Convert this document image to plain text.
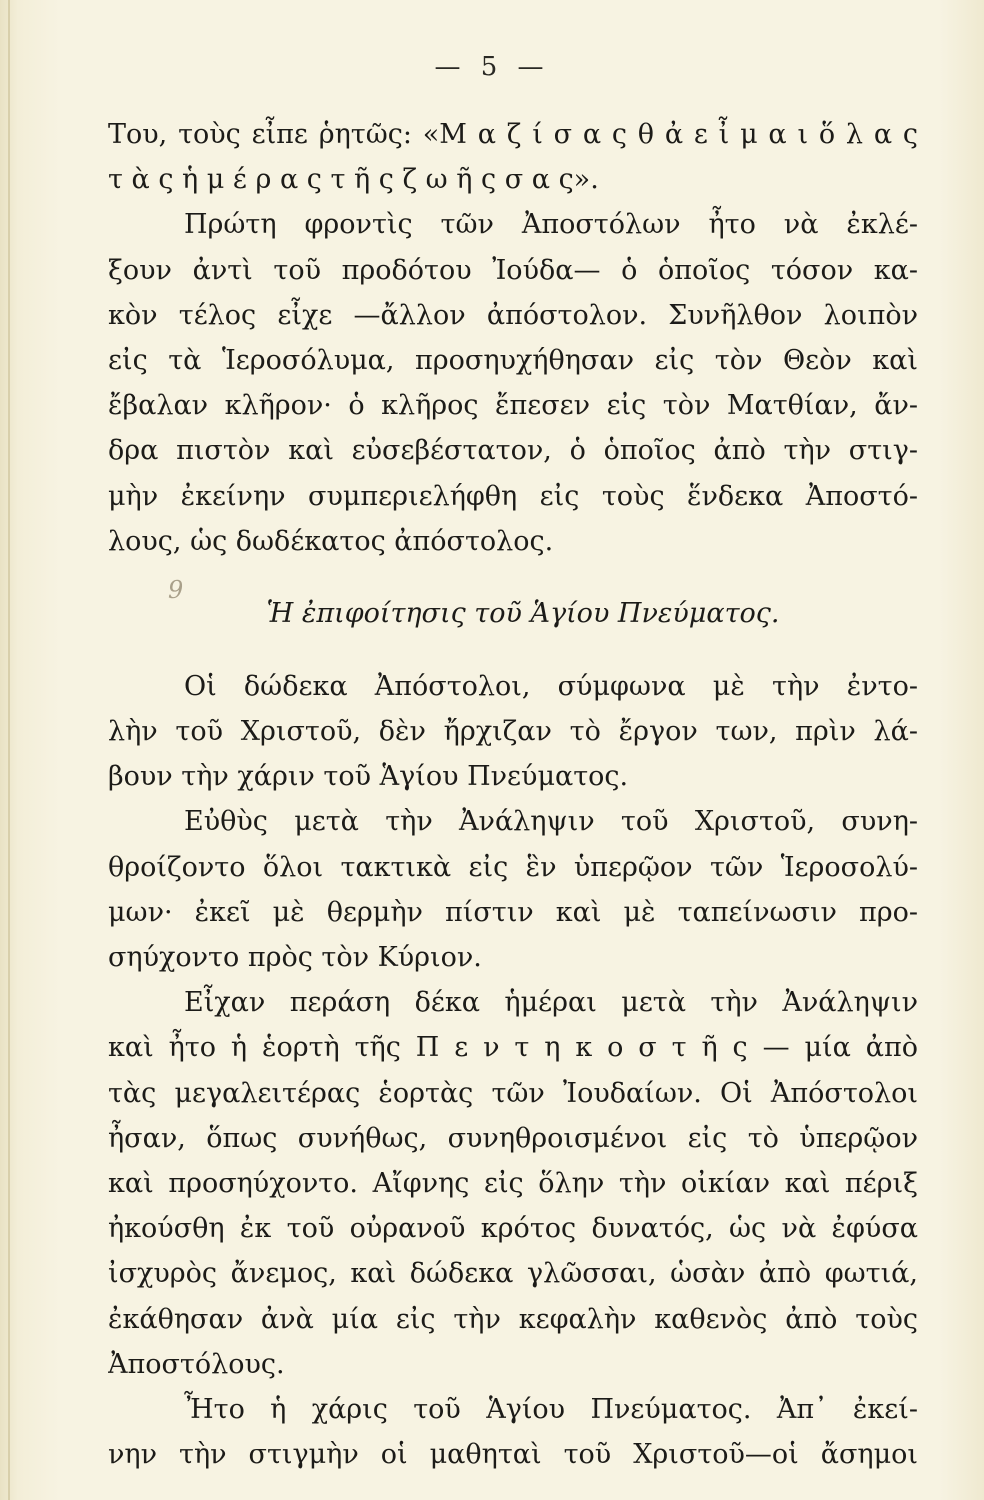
— 5 —
9
Του, τοὺς εἶπε ῥητῶς: «Μ α ζ ί σ α ς θ ἀ ε ἶ μ α ι ὅ λ α ς
τ ὰ ς ἡ μ έ ρ α ς τ ῆ ς ζ ω ῆ ς σ α ς».
Πρώτη φροντὶς τῶν Ἀποστόλων ἦτο νὰ ἐκλέ-
ξουν ἀντὶ τοῦ προδότου Ἰούδα— ὁ ὁποῖος τόσον κα-
κὸν τέλος εἶχε —ἄλλον ἀπόστολον. Συνῆλθον λοιπὸν
εἰς τὰ Ἱεροσόλυμα, προσηυχήθησαν εἰς τὸν Θεὸν καὶ
ἔβαλαν κλῆρον· ὁ κλῆρος ἔπεσεν εἰς τὸν Ματθίαν, ἄν-
δρα πιστὸν καὶ εὐσεβέστατον, ὁ ὁποῖος ἀπὸ τὴν στιγ-
μὴν ἐκείνην συμπεριελήφθη εἰς τοὺς ἕνδεκα Ἀποστό-
λους, ὡς δωδέκατος ἀπόστολος.
Ἡ ἐπιφοίτησις τοῦ Ἁγίου Πνεύματος.
Οἱ δώδεκα Ἀπόστολοι, σύμφωνα μὲ τὴν ἐντο-
λὴν τοῦ Χριστοῦ, δὲν ἤρχιζαν τὸ ἔργον των, πρὶν λά-
βουν τὴν χάριν τοῦ Ἁγίου Πνεύματος.
Εὐθὺς μετὰ τὴν Ἀνάληψιν τοῦ Χριστοῦ, συνη-
θροίζοντο ὅλοι τακτικὰ εἰς ἓν ὑπερῷον τῶν Ἱεροσολύ-
μων· ἐκεῖ μὲ θερμὴν πίστιν καὶ μὲ ταπείνωσιν προ-
σηύχοντο πρὸς τὸν Κύριον.
Εἶχαν περάση δέκα ἡμέραι μετὰ τὴν Ἀνάληψιν
καὶ ἦτο ἡ ἑορτὴ τῆς Π ε ν τ η κ ο σ τ ῆ ς — μία ἀπὸ
τὰς μεγαλειτέρας ἑορτὰς τῶν Ἰουδαίων. Οἱ Ἀπόστολοι
ἦσαν, ὅπως συνήθως, συνηθροισμένοι εἰς τὸ ὑπερῷον
καὶ προσηύχοντο. Αἴφνης εἰς ὅλην τὴν οἰκίαν καὶ πέριξ
ἠκούσθη ἐκ τοῦ οὐρανοῦ κρότος δυνατός, ὡς νὰ ἐφύσα
ἰσχυρὸς ἄνεμος, καὶ δώδεκα γλῶσσαι, ὡσὰν ἀπὸ φωτιά,
ἐκάθησαν ἀνὰ μία εἰς τὴν κεφαλὴν καθενὸς ἀπὸ τοὺς
Ἀποστόλους.
Ἦτο ἡ χάρις τοῦ Ἁγίου Πνεύματος. Ἀπ᾽ ἐκεί-
νην τὴν στιγμὴν οἱ μαθηταὶ τοῦ Χριστοῦ—οἱ ἄσημοι
